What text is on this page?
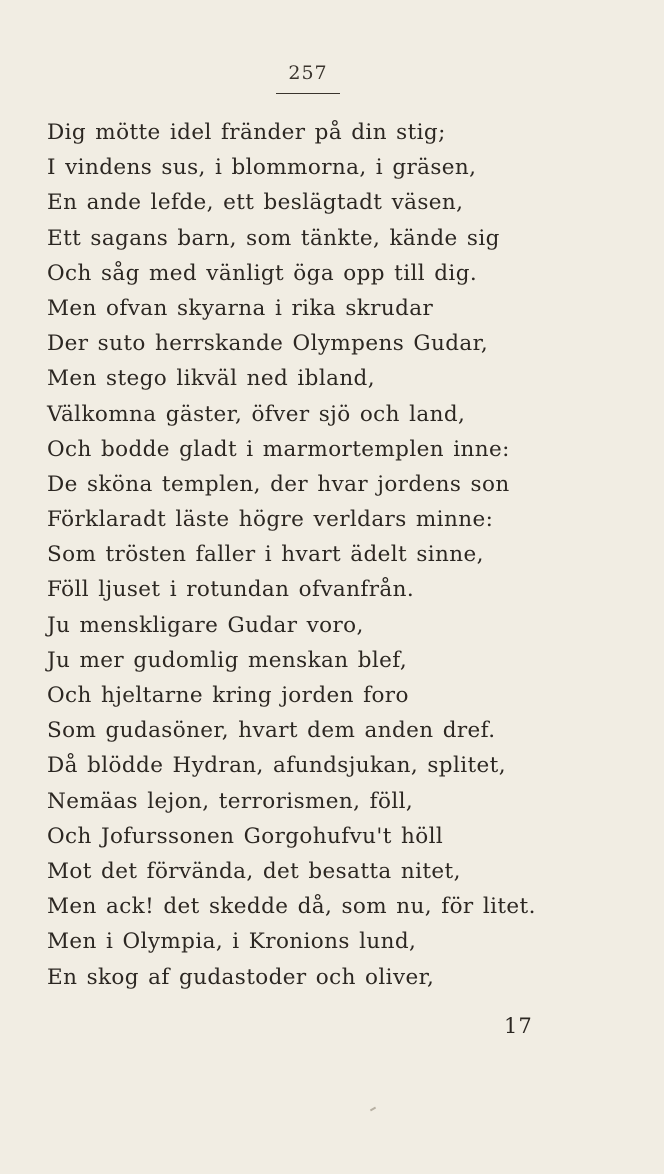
257
Dig mötte idel fränder på din stig;
I vindens sus, i blommorna, i gräsen,
En ande lefde, ett beslägtadt väsen,
Ett sagans barn, som tänkte, kände sig
Och såg med vänligt öga opp till dig.
Men ofvan skyarna i rika skrudar
Der suto herrskande Olympens Gudar,
Men stego likväl ned ibland,
Välkomna gäster, öfver sjö och land,
Och bodde gladt i marmortemplen inne:
De sköna templen, der hvar jordens son
Förklaradt läste högre verldars minne:
Som trösten faller i hvart ädelt sinne,
Föll ljuset i rotundan ofvanfrån.
Ju menskligare Gudar voro,
Ju mer gudomlig menskan blef,
Och hjeltarne kring jorden foro
Som gudasöner, hvart dem anden dref.
Då blödde Hydran, afundsjukan, splitet,
Nemäas lejon, terrorismen, föll,
Och Jofurssonen Gorgohufvu't höll
Mot det förvända, det besatta nitet,
Men ack! det skedde då, som nu, för litet.
Men i Olympia, i Kronions lund,
En skog af gudastoder och oliver,
17
